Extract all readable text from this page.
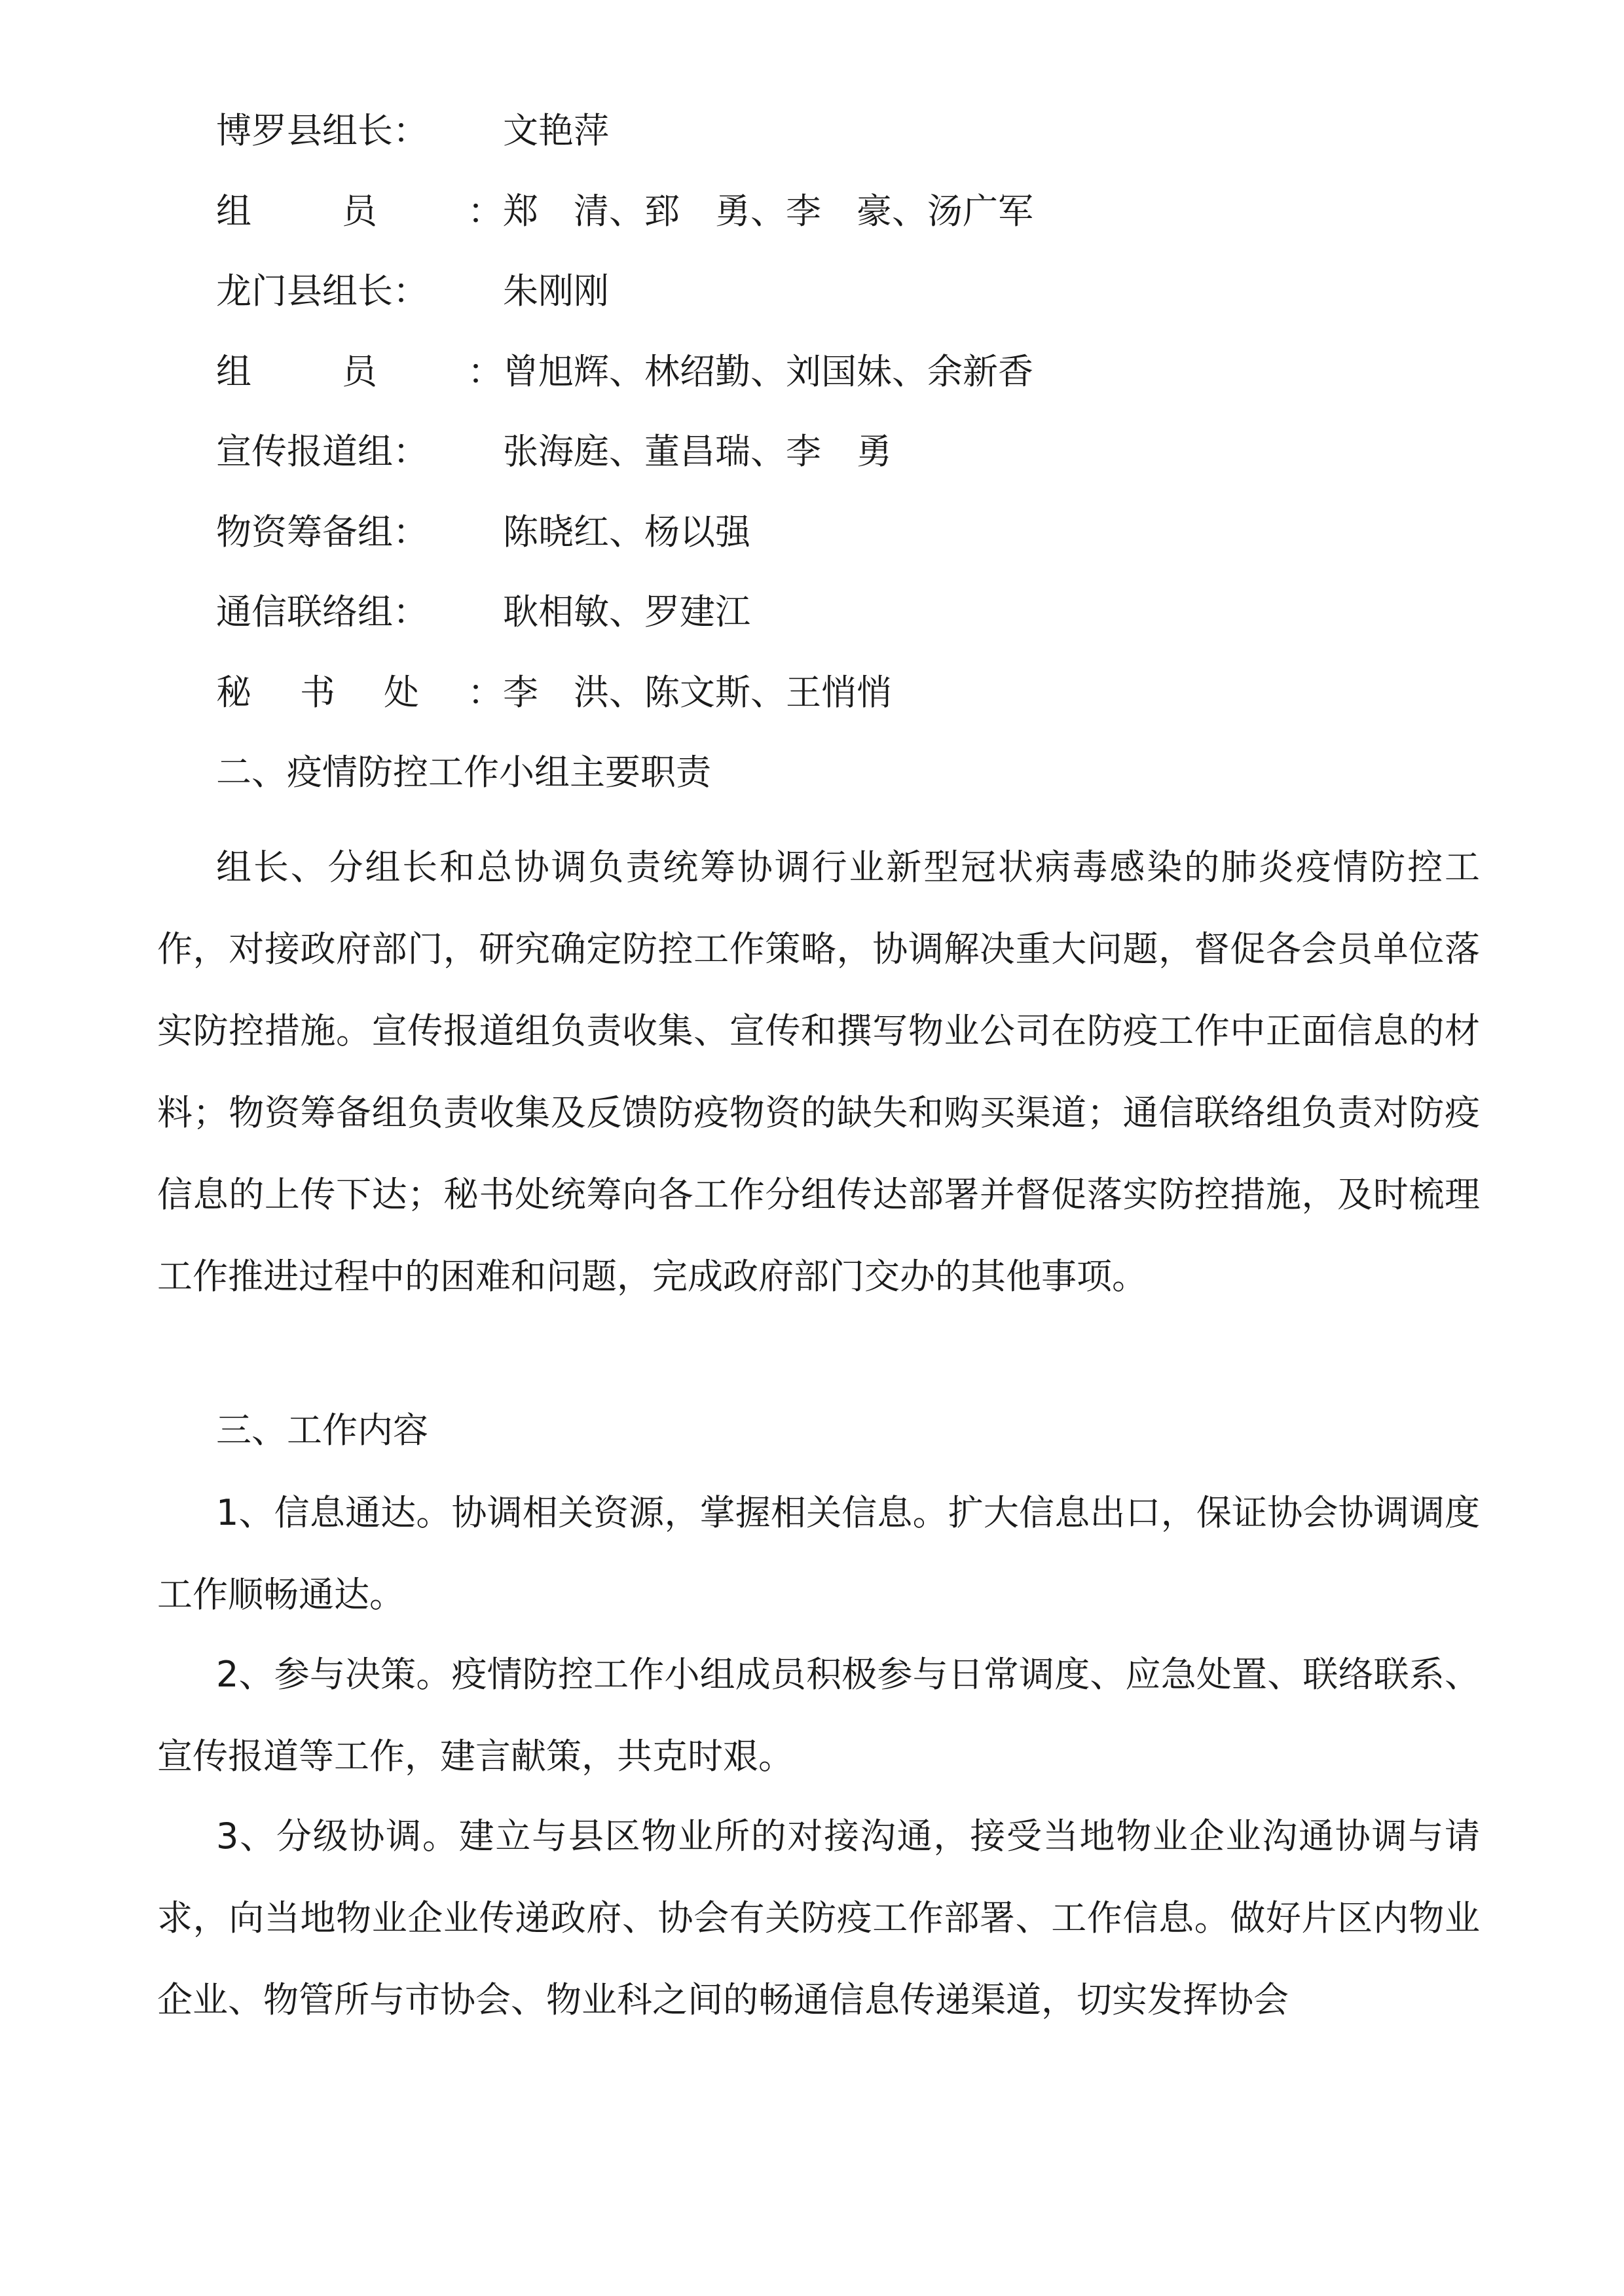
博罗县组长： 文艳萍
组员： 郑　清、郅　勇、李　豪、汤广军
龙门县组长： 朱刚刚
组员： 曾旭辉、林绍勤、刘国妹、余新香
宣传报道组： 张海庭、董昌瑞、李　勇
物资筹备组： 陈晓红、杨以强
通信联络组： 耿相敏、罗建江
秘书处： 李　洪、陈文斯、王悄悄
二、疫情防控工作小组主要职责
组长、分组长和总协调负责统筹协调行业新型冠状病毒感染的肺炎疫情防控工作，对接政府部门，研究确定防控工作策略，协调解决重大问题，督促各会员单位落实防控措施。宣传报道组负责收集、宣传和撰写物业公司在防疫工作中正面信息的材料；物资筹备组负责收集及反馈防疫物资的缺失和购买渠道；通信联络组负责对防疫信息的上传下达；秘书处统筹向各工作分组传达部署并督促落实防控措施，及时梳理工作推进过程中的困难和问题，完成政府部门交办的其他事项。
三、工作内容
1、信息通达。协调相关资源，掌握相关信息。扩大信息出口，保证协会协调调度工作顺畅通达。
2、参与决策。疫情防控工作小组成员积极参与日常调度、应急处置、联络联系、宣传报道等工作，建言献策，共克时艰。
3、分级协调。建立与县区物业所的对接沟通，接受当地物业企业沟通协调与请求，向当地物业企业传递政府、协会有关防疫工作部署、工作信息。做好片区内物业企业、物管所与市协会、物业科之间的畅通信息传递渠道，切实发挥协会
